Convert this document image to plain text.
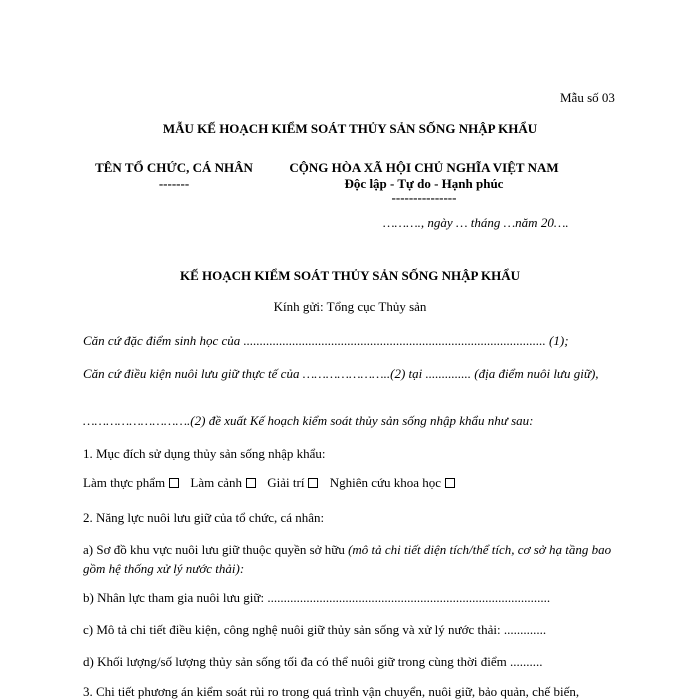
Mẫu số 03
MẪU KẾ HOẠCH KIỂM SOÁT THỦY SẢN SỐNG NHẬP KHẨU
TÊN TỔ CHỨC, CÁ NHÂN
-------
CỘNG HÒA XÃ HỘI CHỦ NGHĨA VIỆT NAM
Độc lập - Tự do - Hạnh phúc
---------------
………., ngày … tháng …năm 20….
KẾ HOẠCH KIỂM SOÁT THỦY SẢN SỐNG NHẬP KHẨU
Kính gửi: Tổng cục Thủy sản
Căn cứ đặc điểm sinh học của ............................................................................................. (1);
Căn cứ điều kiện nuôi lưu giữ thực tế của …………………..(2) tại .............. (địa điểm nuôi lưu giữ),
……………………….(2) đề xuất Kế hoạch kiểm soát thủy sản sống nhập khẩu như sau:
1. Mục đích sử dụng thủy sản sống nhập khẩu:
Làm thực phẩm Làm cảnh Giải trí Nghiên cứu khoa học
2. Năng lực nuôi lưu giữ của tổ chức, cá nhân:
a) Sơ đồ khu vực nuôi lưu giữ thuộc quyền sở hữu (mô tả chi tiết diện tích/thể tích, cơ sở hạ tầng bao gồm hệ thống xử lý nước thải):
b) Nhân lực tham gia nuôi lưu giữ: .......................................................................................
c) Mô tả chi tiết điều kiện, công nghệ nuôi giữ thủy sản sống và xử lý nước thải: .............
d) Khối lượng/số lượng thủy sản sống tối đa có thể nuôi giữ trong cùng thời điểm ..........
3. Chi tiết phương án kiểm soát rủi ro trong quá trình vận chuyển, nuôi giữ, bảo quản, chế biến,
